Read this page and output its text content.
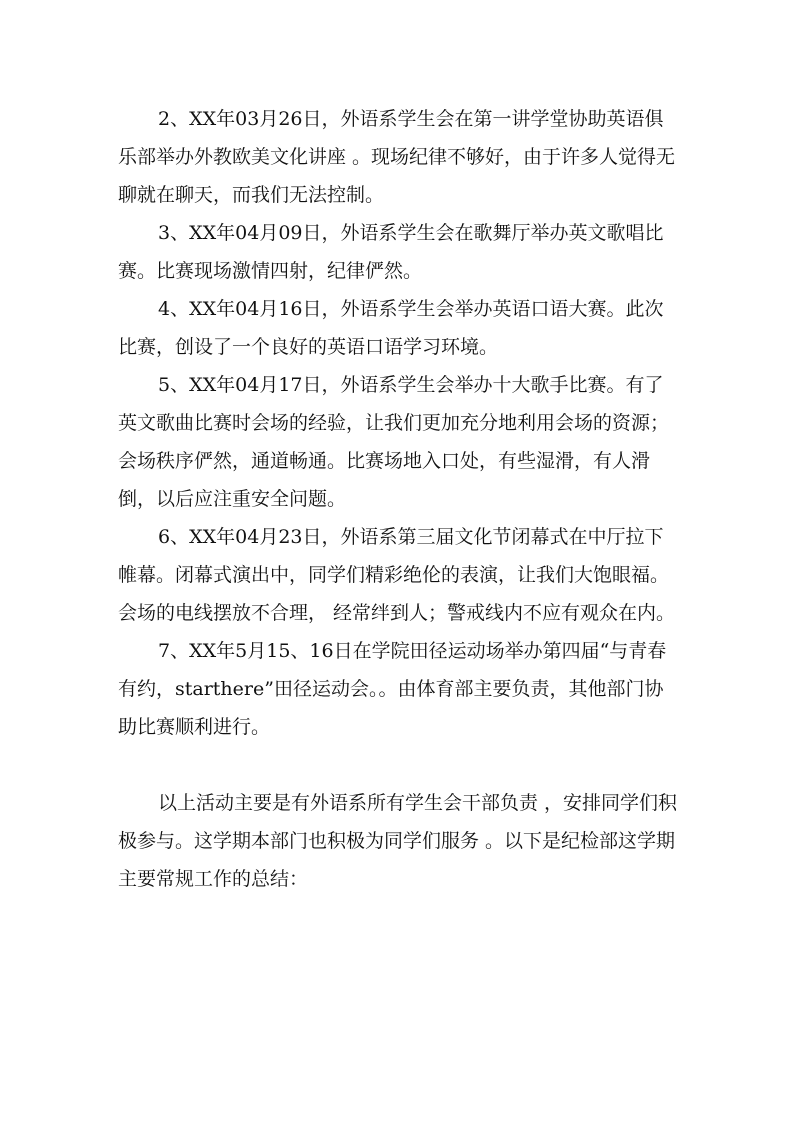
2、XX年03月26日，外语系学生会在第一讲学堂协助英语俱乐部举办外教欧美文化讲座 。现场纪律不够好，由于许多人觉得无聊就在聊天，而我们无法控制。

3、XX年04月09日，外语系学生会在歌舞厅举办英文歌唱比赛。比赛现场激情四射，纪律俨然。

4、XX年04月16日，外语系学生会举办英语口语大赛。此次比赛，创设了一个良好的英语口语学习环境。

5、XX年04月17日，外语系学生会举办十大歌手比赛。有了英文歌曲比赛时会场的经验，让我们更加充分地利用会场的资源；会场秩序俨然，通道畅通。比赛场地入口处，有些湿滑，有人滑倒，以后应注重安全问题。

6、XX年04月23日，外语系第三届文化节闭幕式在中厅拉下帷幕。闭幕式演出中，同学们精彩绝伦的表演，让我们大饱眼福。会场的电线摆放不合理， 经常绊到人；警戒线内不应有观众在内。

7、XX年5月15、16日在学院田径运动场举办第四届“与青春有约，starthere”田径运动会。。由体育部主要负责，其他部门协助比赛顺利进行。

以上活动主要是有外语系所有学生会干部负责 ，安排同学们积极参与。这学期本部门也积极为同学们服务 。以下是纪检部这学期主要常规工作的总结：
